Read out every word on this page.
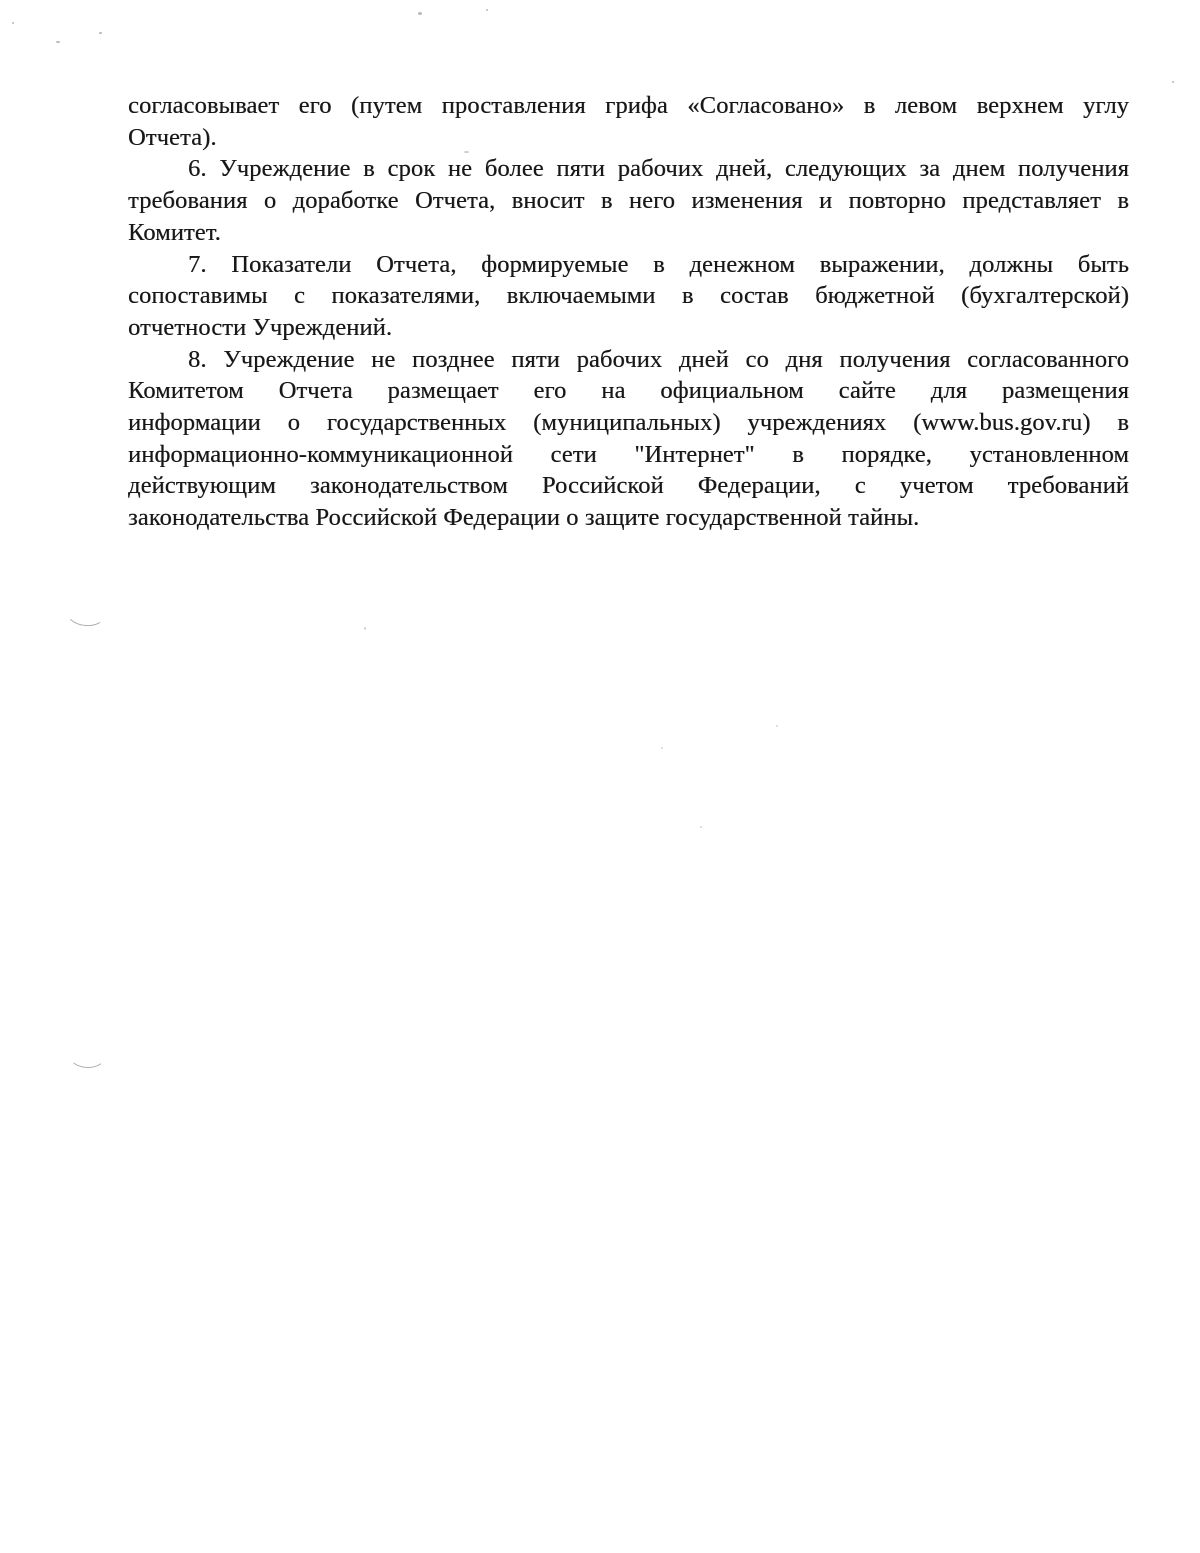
согласовывает его (путем проставления грифа «Согласовано» в левом верхнем углу
Отчета).
6. Учреждение в срок не более пяти рабочих дней, следующих за днем получения
требования о доработке Отчета, вносит в него изменения и повторно представляет в
Комитет.
7. Показатели Отчета, формируемые в денежном выражении, должны быть
сопоставимы с показателями, включаемыми в состав бюджетной (бухгалтерской)
отчетности Учреждений.
8. Учреждение не позднее пяти рабочих дней со дня получения согласованного
Комитетом Отчета размещает его на официальном сайте для размещения
информации о государственных (муниципальных) учреждениях (www.bus.gov.ru) в
информационно-коммуникационной сети "Интернет" в порядке, установленном
действующим законодательством Российской Федерации, с учетом требований
законодательства Российской Федерации о защите государственной тайны.
